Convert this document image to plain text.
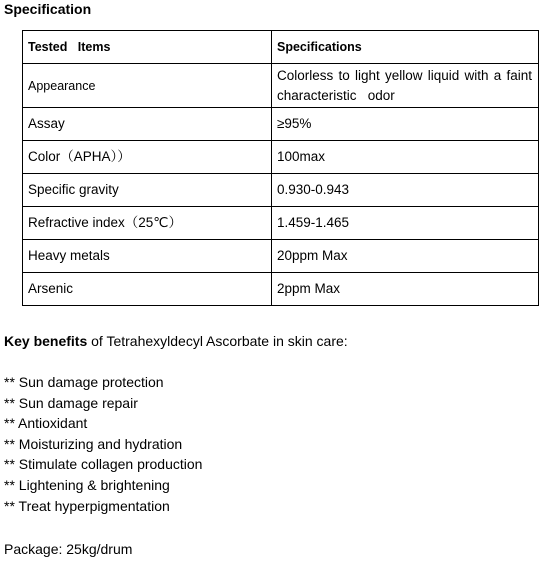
Specification
Tested   Items	Specifications
Appearance	Colorless to light yellow liquid with a faint characteristic   odor
Assay	≥95%
Color（APHA））	100max
Specific gravity	0.930-0.943
Refractive index（25℃）	1.459-1.465
Heavy metals	20ppm Max
Arsenic	2ppm Max
Key benefits of Tetrahexyldecyl Ascorbate in skin care:
** Sun damage protection
** Sun damage repair
** Antioxidant
** Moisturizing and hydration
** Stimulate collagen production
** Lightening & brightening
** Treat hyperpigmentation
Package: 25kg/drum
